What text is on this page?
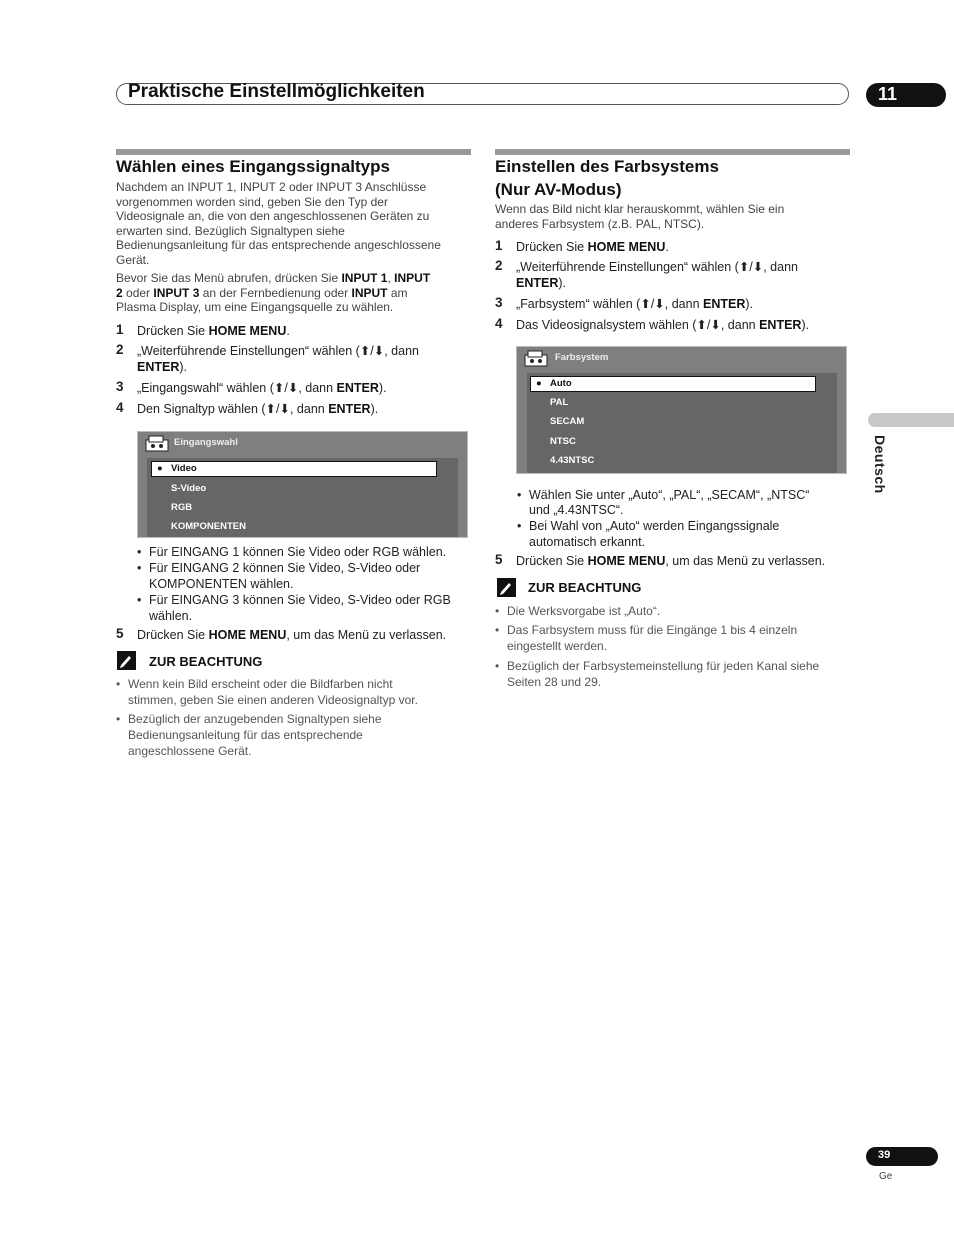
Praktische Einstellmöglichkeiten	11
Wählen eines Eingangssignaltyps

Nachdem an INPUT 1, INPUT 2 oder INPUT 3 Anschlüsse

vorgenommen worden sind, geben Sie den Typ der

Videosignale an, die von den angeschlossenen Geräten zu

erwarten sind. Bezüglich Signaltypen siehe

Bedienungsanleitung für das entsprechende angeschlossene

Gerät.

Bevor Sie das Menü abrufen, drücken Sie INPUT 1, INPUT

2 oder INPUT 3 an der Fernbedienung oder INPUT am

Plasma Display, um eine Eingangsquelle zu wählen.

1 Drücken Sie HOME MENU.
2 „Weiterführende Einstellungen“ wählen (⬆/⬇, dann
ENTER).
3 „Eingangswahl“ wählen (⬆/⬇, dann ENTER).
4 Den Signaltyp wählen (⬆/⬇, dann ENTER).
Eingangswahl
● Video
S-Video
RGB
KOMPONENTEN
• Für EINGANG 1 können Sie Video oder RGB wählen.
• Für EINGANG 2 können Sie Video, S-Video oder
KOMPONENTEN wählen.
• Für EINGANG 3 können Sie Video, S-Video oder RGB
wählen.
5 Drücken Sie HOME MENU, um das Menü zu verlassen.
ZUR BEACHTUNG
• Wenn kein Bild erscheint oder die Bildfarben nicht
stimmen, geben Sie einen anderen Videosignaltyp vor.
• Bezüglich der anzugebenden Signaltypen siehe
Bedienungsanleitung für das entsprechende
angeschlossene Gerät.
Einstellen des Farbsystems
(Nur AV-Modus)

Wenn das Bild nicht klar herauskommt, wählen Sie ein

anderes Farbsystem (z.B. PAL, NTSC).

1 Drücken Sie HOME MENU.
2 „Weiterführende Einstellungen“ wählen (⬆/⬇, dann
ENTER).
3 „Farbsystem“ wählen (⬆/⬇, dann ENTER).
4 Das Videosignalsystem wählen (⬆/⬇, dann ENTER).
Farbsystem
● Auto
PAL
SECAM
NTSC
4.43NTSC
• Wählen Sie unter „Auto“, „PAL“, „SECAM“, „NTSC“
und „4.43NTSC“.
• Bei Wahl von „Auto“ werden Eingangssignale
automatisch erkannt.
5 Drücken Sie HOME MENU, um das Menü zu verlassen.
ZUR BEACHTUNG
• Die Werksvorgabe ist „Auto“.
• Das Farbsystem muss für die Eingänge 1 bis 4 einzeln
eingestellt werden.
• Bezüglich der Farbsystemeinstellung für jeden Kanal siehe
Seiten 28 und 29.
Deutsch
39
Ge
